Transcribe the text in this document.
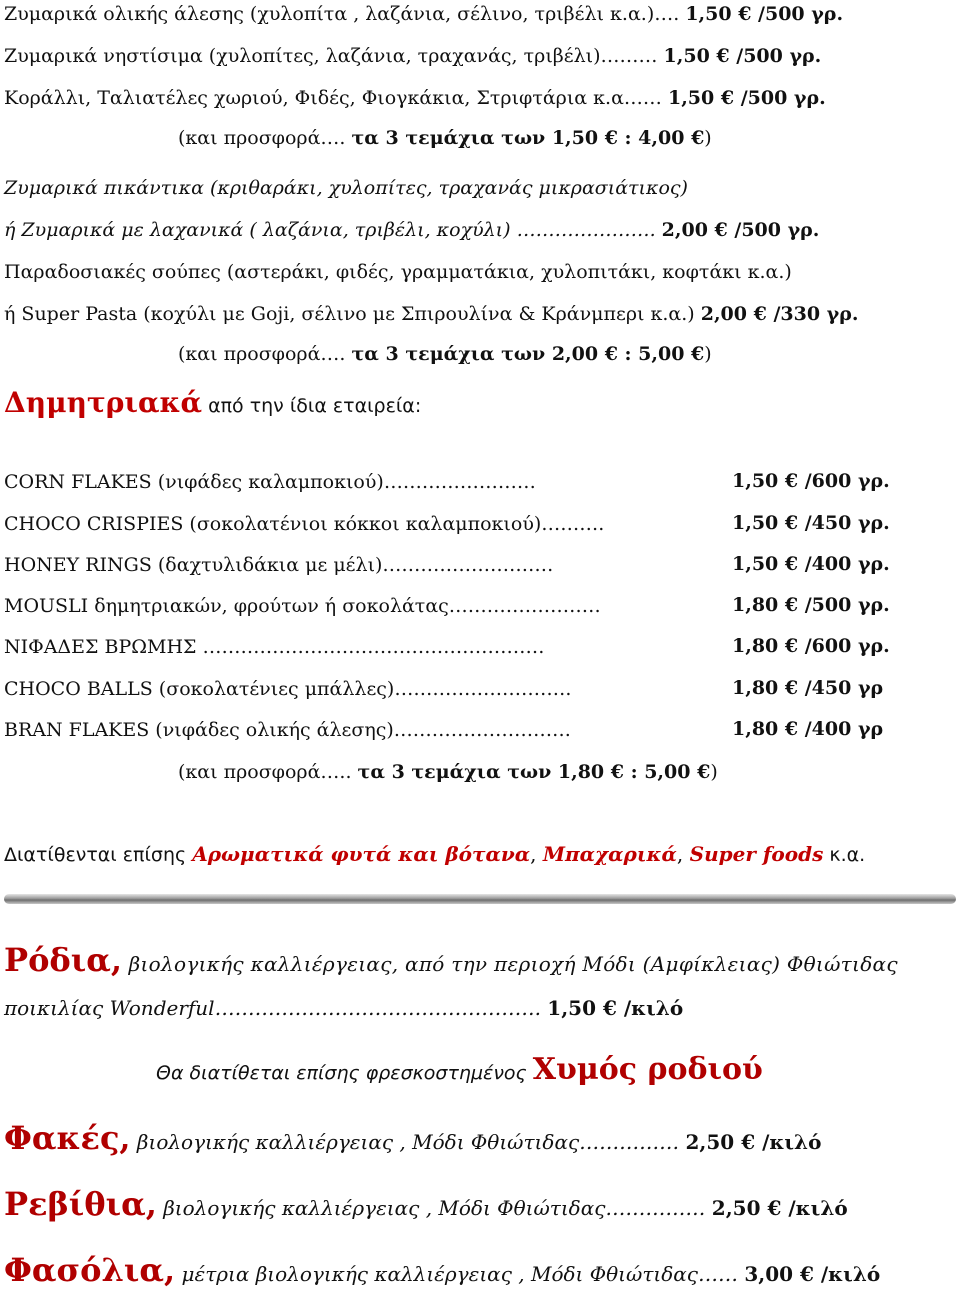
Ζυμαρικά ολικής άλεσης (χυλοπίτα , λαζάνια, σέλινο, τριβέλι κ.α.)…. 1,50 € /500 γρ.
Ζυμαρικά νηστίσιμα (χυλοπίτες, λαζάνια, τραχανάς, τριβέλι)……… 1,50 € /500 γρ.
Κοράλλι, Ταλιατέλες χωριού, Φιδές, Φιογκάκια, Στριφτάρια κ.α…… 1,50 € /500 γρ.
(και προσφορά…. τα 3 τεμάχια των 1,50 € : 4,00 €)
Ζυμαρικά πικάντικα (κριθαράκι, χυλοπίτες, τραχανάς μικρασιάτικος)
ή Ζυμαρικά με λαχανικά ( λαζάνια, τριβέλι, κοχύλι) …………………. 2,00 € /500 γρ.
Παραδοσιακές σούπες (αστεράκι, φιδές, γραμματάκια, χυλοπιτάκι, κοφτάκι κ.α.)
ή Super Pasta (κοχύλι με Goji, σέλινο με Σπιρουλίνα & Κράνμπερι κ.α.) 2,00 € /330 γρ.
(και προσφορά…. τα 3 τεμάχια των 2,00 € : 5,00 €)
Δημητριακά από την ίδια εταιρεία:
CORN FLAKES (νιφάδες καλαμποκιού)……………………	1,50 € /600 γρ.
CHOCO CRISPIES (σοκολατένιοι κόκκοι καλαμποκιού)……….	1,50 € /450 γρ.
HONEY RINGS (δαχτυλιδάκια με μέλι)………………………	1,50 € /400 γρ.
MOUSLI δημητριακών, φρούτων ή σοκολάτας……………………	1,80 € /500 γρ.
ΝΙΦΑΔΕΣ ΒΡΩΜΗΣ ………………………………………………	1,80 € /600 γρ.
CHOCO BALLS (σοκολατένιες μπάλλες)……………………….	1,80 € /450 γρ
BRAN FLAKES (νιφάδες ολικής άλεσης)……………………….	1,80 € /400 γρ
(και προσφορά….. τα 3 τεμάχια των 1,80 € : 5,00 €)
Διατίθενται επίσης Αρωματικά φυτά και βότανα, Μπαχαρικά, Super foods κ.α.
Ρόδια, βιολογικής καλλιέργειας, από την περιοχή Μόδι (Αμφίκλειας) Φθιώτιδας
ποικιλίας Wonderful…………………………………………. 1,50 € /κιλό
Θα διατίθεται επίσης φρεσκοστημένος Χυμός ροδιού
Φακές, βιολογικής καλλιέργειας , Μόδι Φθιώτιδας…………… 2,50 € /κιλό
Ρεβίθια, βιολογικής καλλιέργειας , Μόδι Φθιώτιδας…………… 2,50 € /κιλό
Φασόλια, μέτρια βιολογικής καλλιέργειας , Μόδι Φθιώτιδας…… 3,00 € /κιλό
